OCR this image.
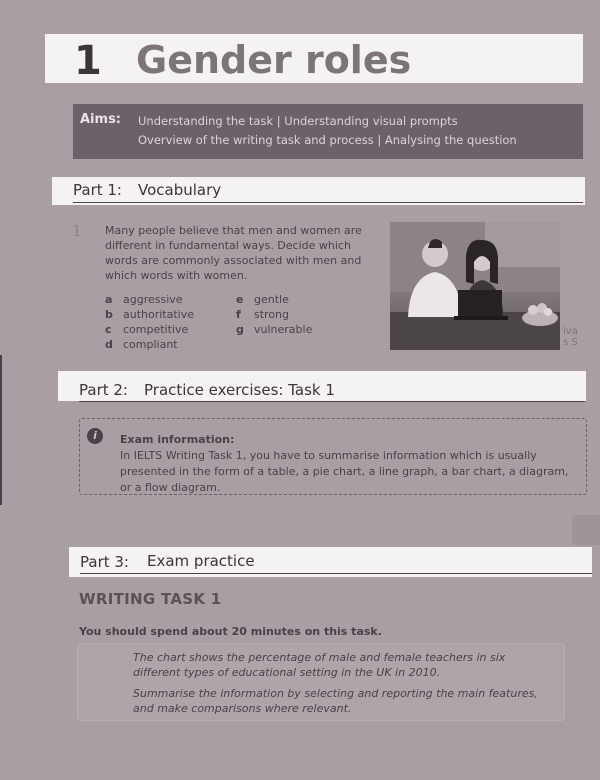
1 Gender roles
Aims: Understanding the task | Understanding visual prompts
Overview of the writing task and process | Analysing the question
Part 1: Vocabulary
1 Many people believe that men and women are different in fundamental ways. Decide which words are commonly associated with men and which words with women.
a aggressive
b authoritative
c competitive
d compliant
e gentle
f strong
g vulnerable	iva
s S
Part 2: Practice exercises: Task 1
i	Exam information:
In IELTS Writing Task 1, you have to summarise information which is usually presented in the form of a table, a pie chart, a line graph, a bar chart, a diagram, or a flow diagram.
Part 3: Exam practice
WRITING TASK 1
You should spend about 20 minutes on this task.
The chart shows the percentage of male and female teachers in six different types of educational setting in the UK in 2010.
Summarise the information by selecting and reporting the main features, and make comparisons where relevant.
